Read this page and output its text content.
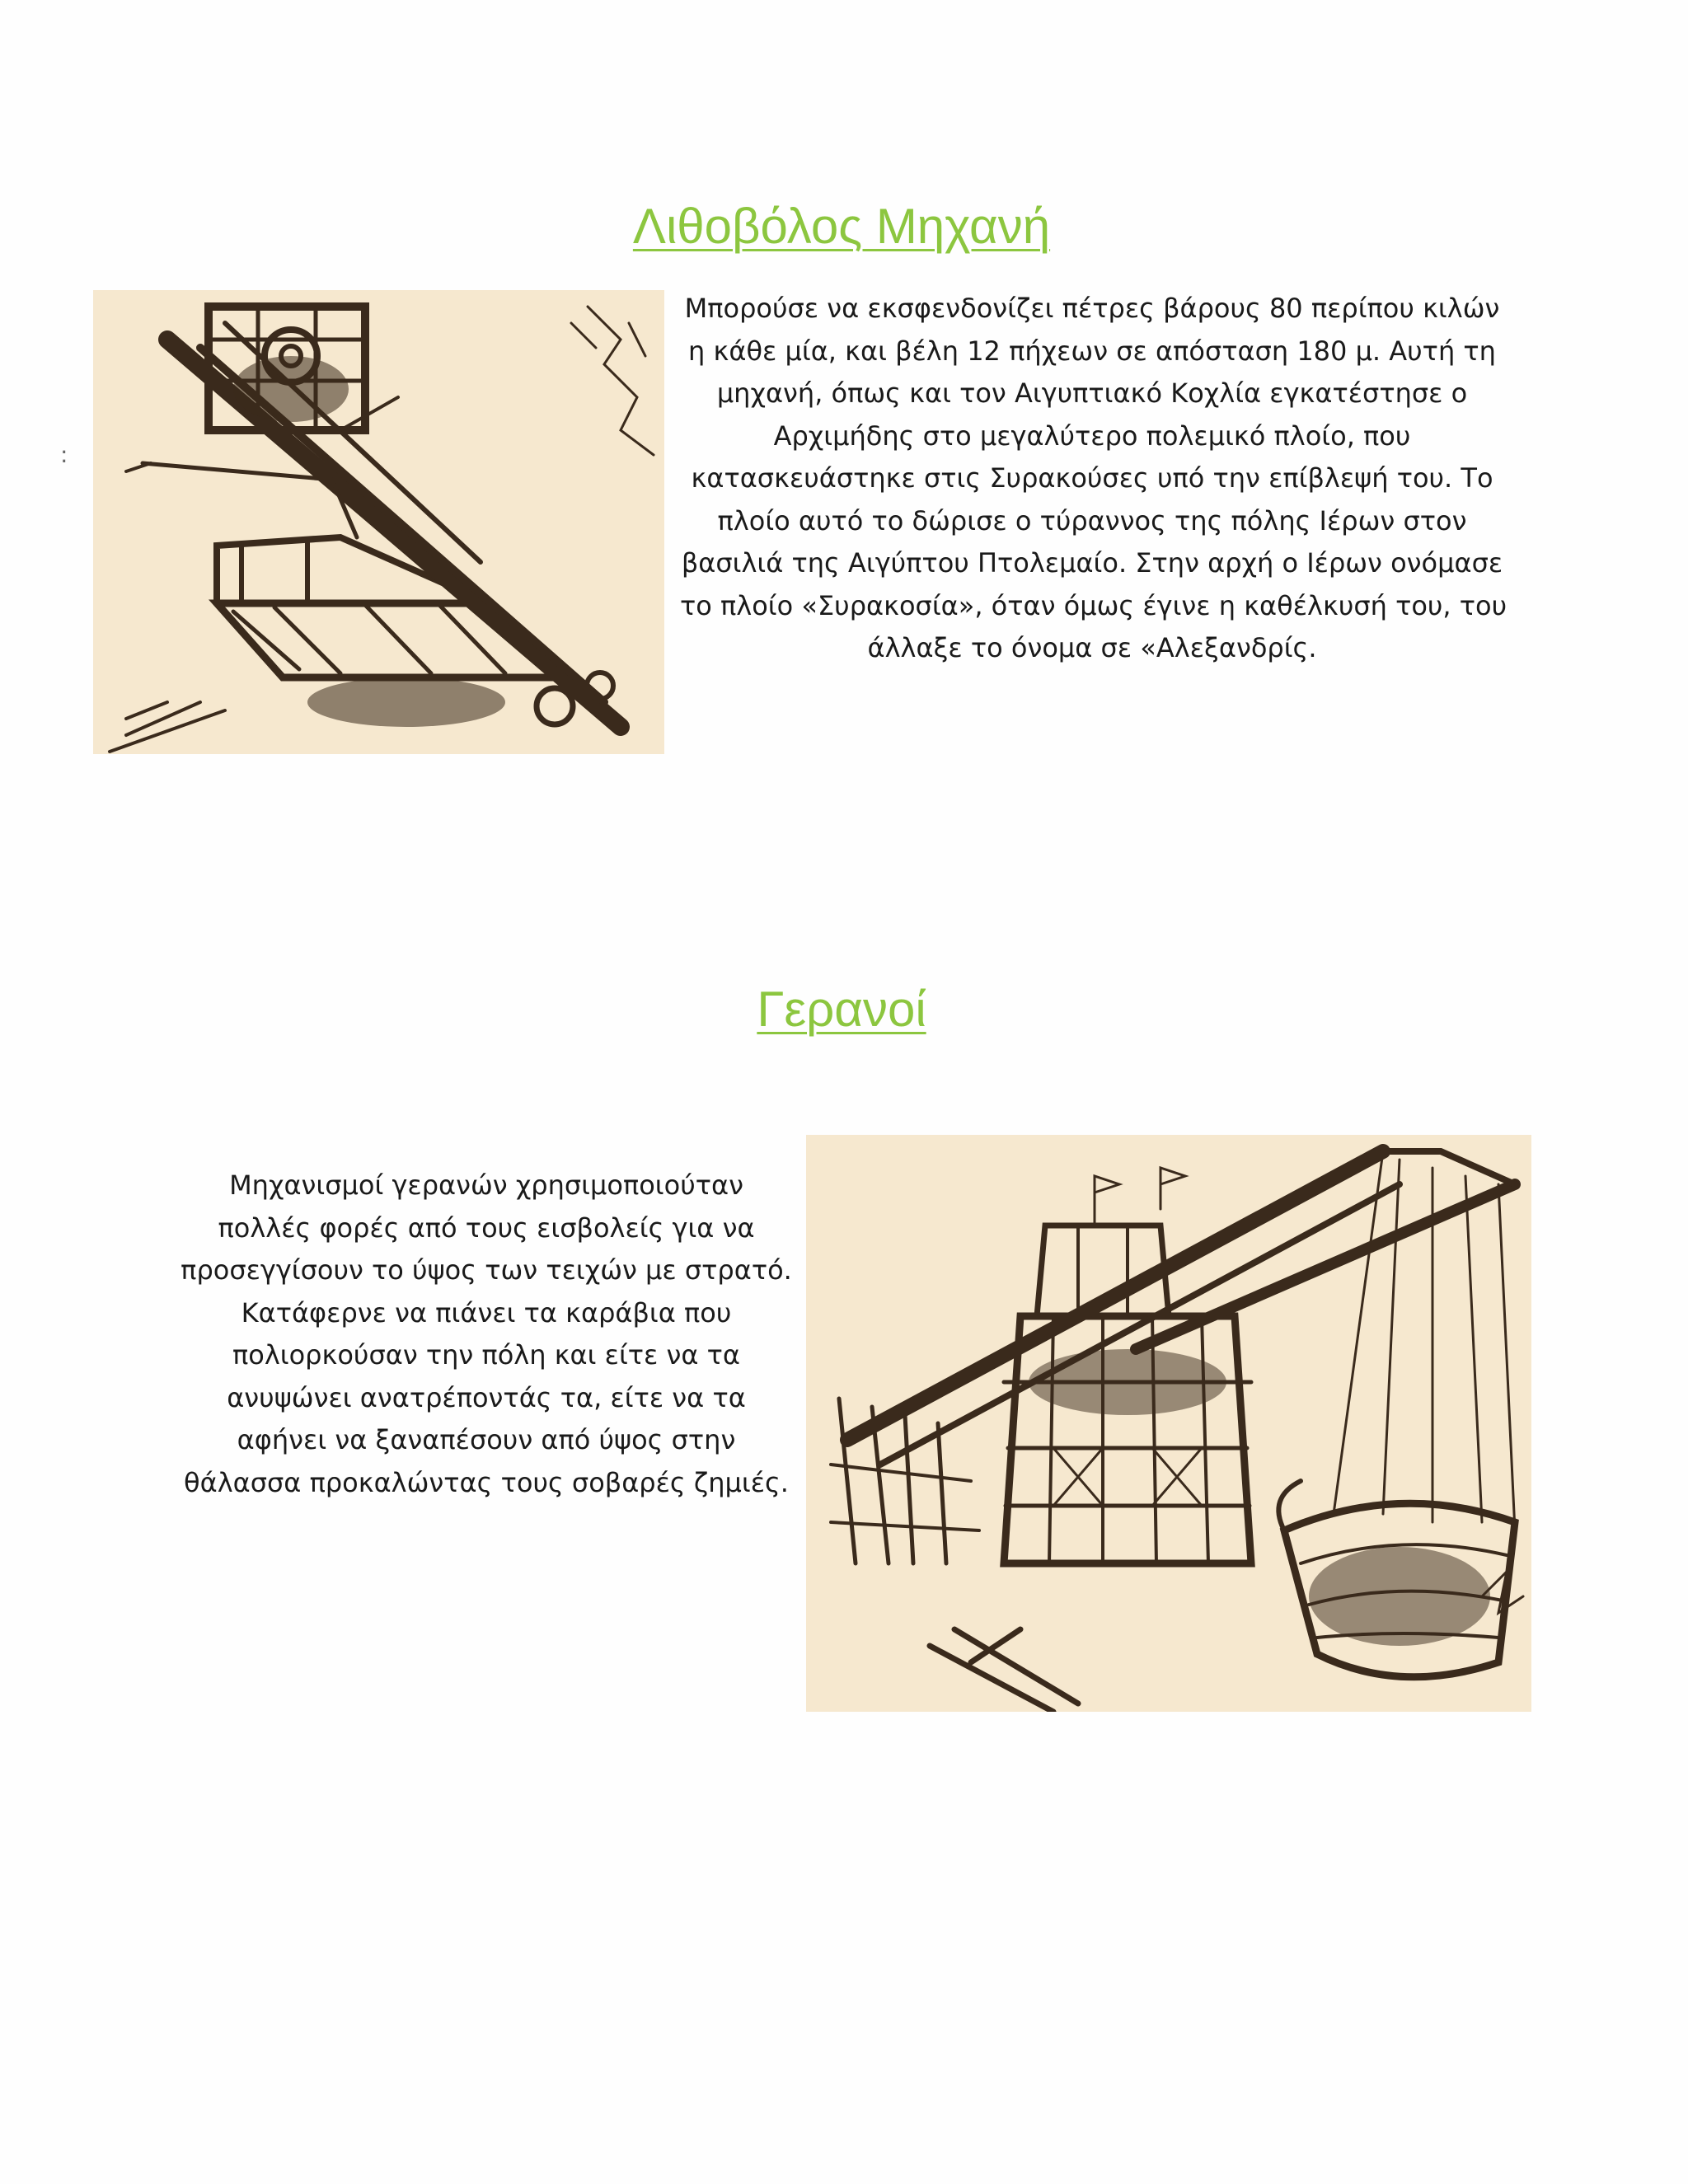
:
Λιθοβόλος Μηχανή

Μπορούσε να εκσφενδονίζει πέτρες βάρους 80 περίπου κιλών
η κάθε μία, και βέλη 12 πήχεων σε απόσταση 180 μ. Αυτή τη
μηχανή, όπως και τον Αιγυπτιακό Κοχλία εγκατέστησε ο
Αρχιμήδης στο μεγαλύτερο πολεμικό πλοίο, που
κατασκευάστηκε στις Συρακούσες υπό την επίβλεψή του. Το
πλοίο αυτό το δώρισε ο τύραννος της πόλης Ιέρων στον
βασιλιά της Αιγύπτου Πτολεμαίο. Στην αρχή ο Ιέρων ονόμασε
το πλοίο «Συρακοσία», όταν όμως έγινε η καθέλκυσή του, του
άλλαξε το όνομα σε «Αλεξανδρίς.

Γερανοί

Μηχανισμοί γερανών χρησιμοποιούταν
πολλές φορές από τους εισβολείς για να
προσεγγίσουν το ύψος των τειχών με στρατό.
Κατάφερνε να πιάνει τα καράβια που
πολιορκούσαν την πόλη και είτε να τα
ανυψώνει ανατρέποντάς τα, είτε να τα
αφήνει να ξαναπέσουν από ύψος στην
θάλασσα προκαλώντας τους σοβαρές ζημιές.
